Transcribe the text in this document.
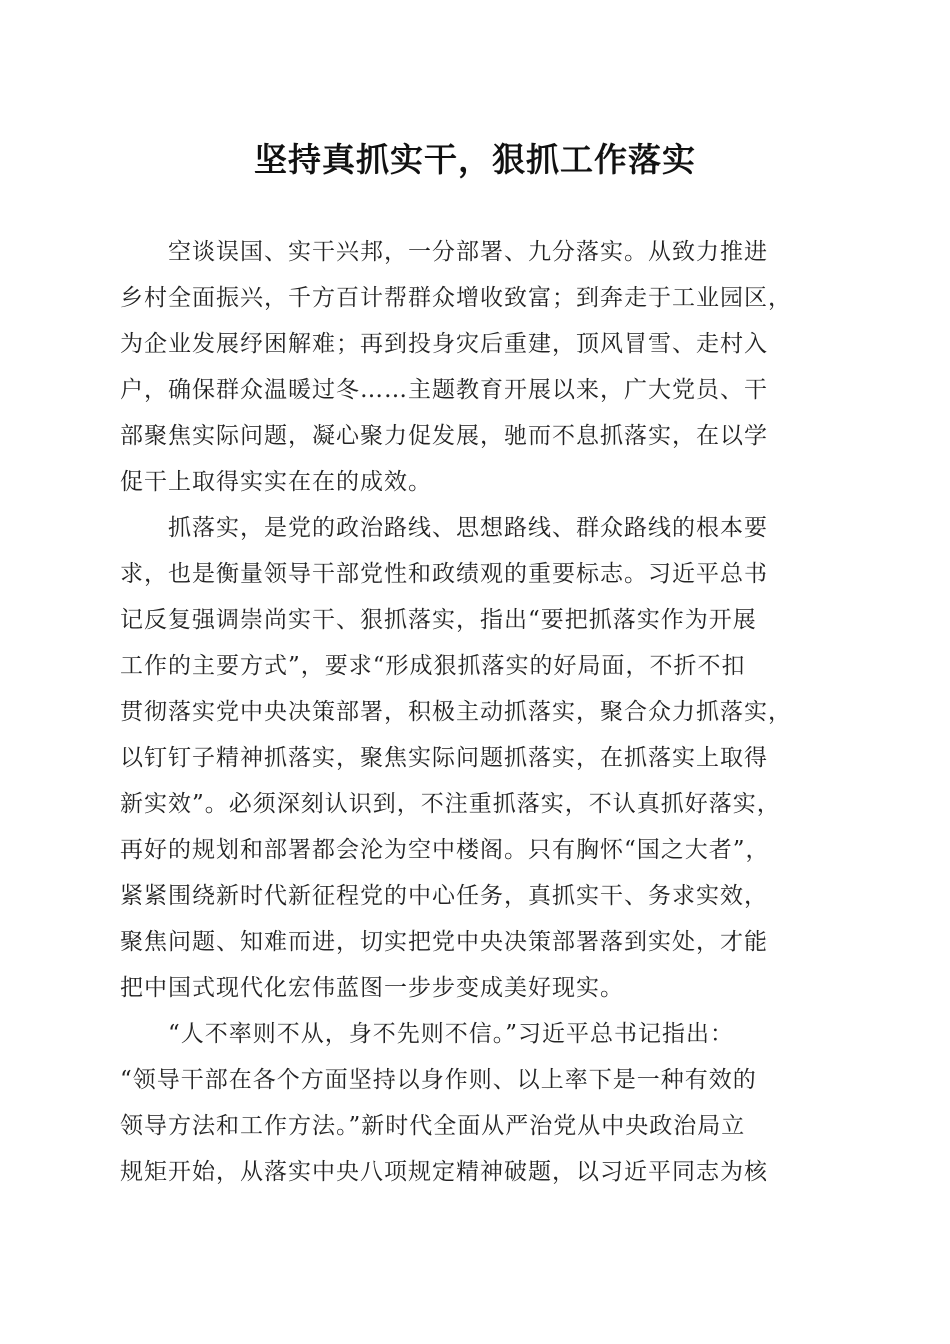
坚持真抓实干，狠抓工作落实
空谈误国、实干兴邦，一分部署、九分落实。从致力推进
乡村全面振兴，千方百计帮群众增收致富；到奔走于工业园区，
为企业发展纾困解难；再到投身灾后重建，顶风冒雪、走村入
户，确保群众温暖过冬……主题教育开展以来，广大党员、干
部聚焦实际问题，凝心聚力促发展，驰而不息抓落实，在以学
促干上取得实实在在的成效。
抓落实，是党的政治路线、思想路线、群众路线的根本要
求，也是衡量领导干部党性和政绩观的重要标志。习近平总书
记反复强调崇尚实干、狠抓落实，指出“要把抓落实作为开展
工作的主要方式”，要求“形成狠抓落实的好局面，不折不扣
贯彻落实党中央决策部署，积极主动抓落实，聚合众力抓落实，
以钉钉子精神抓落实，聚焦实际问题抓落实，在抓落实上取得
新实效”。必须深刻认识到，不注重抓落实，不认真抓好落实，
再好的规划和部署都会沦为空中楼阁。只有胸怀“国之大者”，
紧紧围绕新时代新征程党的中心任务，真抓实干、务求实效，
聚焦问题、知难而进，切实把党中央决策部署落到实处，才能
把中国式现代化宏伟蓝图一步步变成美好现实。
“人不率则不从，身不先则不信。”习近平总书记指出：
“领导干部在各个方面坚持以身作则、以上率下是一种有效的
领导方法和工作方法。”新时代全面从严治党从中央政治局立
规矩开始，从落实中央八项规定精神破题，以习近平同志为核
